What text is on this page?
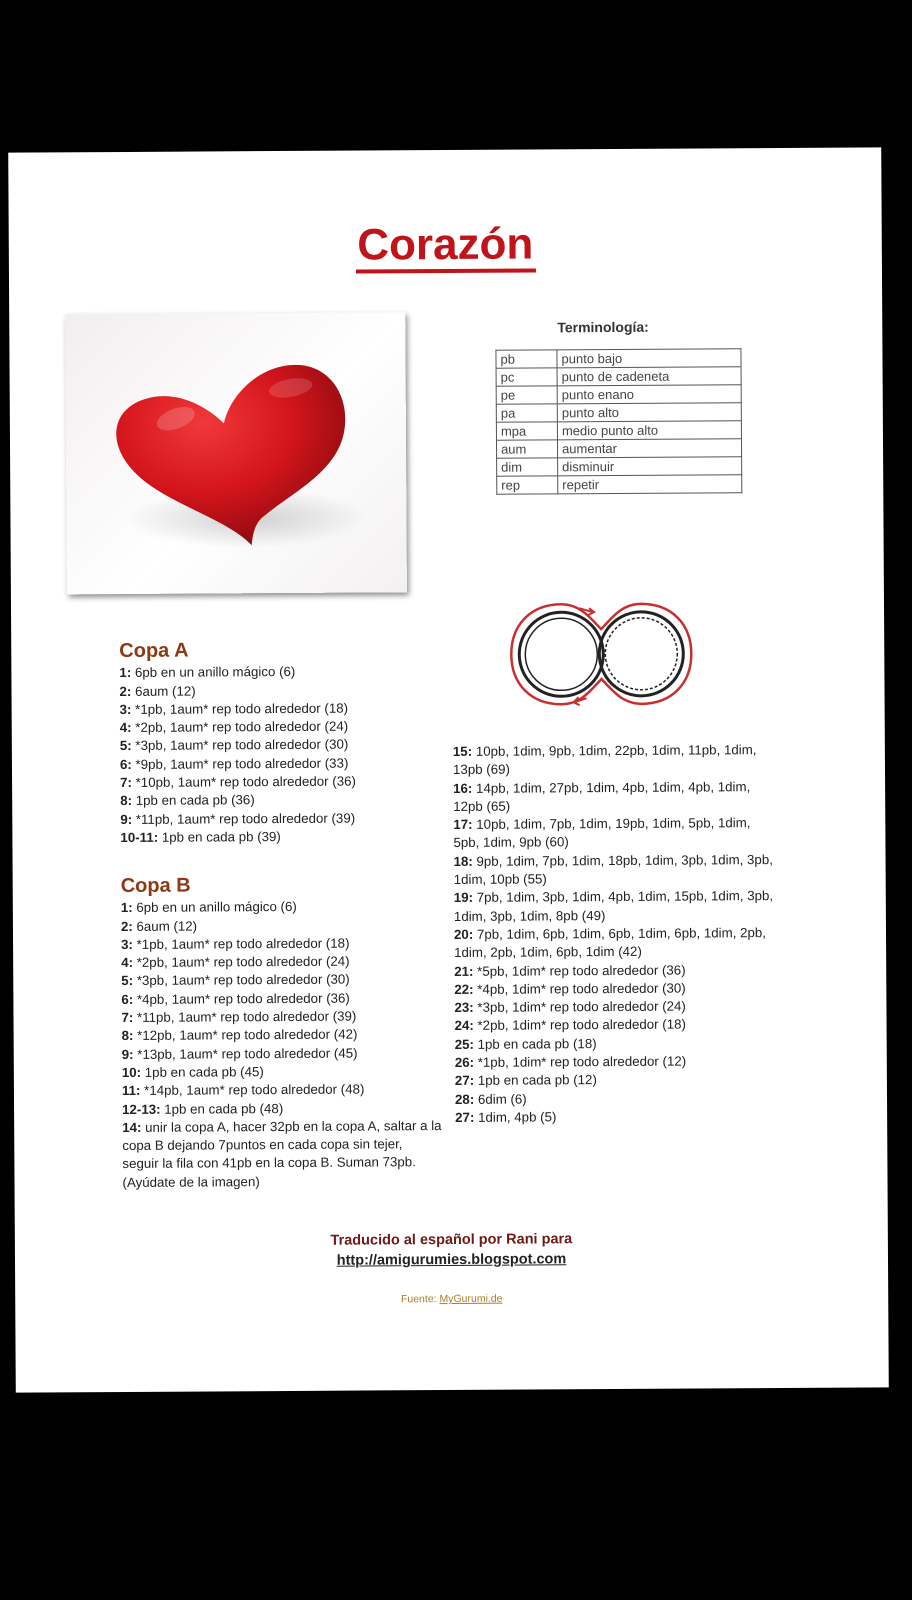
Corazón
Terminología:
pb	punto bajo
pc	punto de cadeneta
pe	punto enano
pa	punto alto
mpa	medio punto alto
aum	aumentar
dim	disminuir
rep	repetir
Copa A
1: 6pb en un anillo mágico (6)
2: 6aum (12)
3: *1pb, 1aum* rep todo alrededor (18)
4: *2pb, 1aum* rep todo alrededor (24)
5: *3pb, 1aum* rep todo alrededor (30)
6: *9pb, 1aum* rep todo alrededor (33)
7: *10pb, 1aum* rep todo alrededor (36)
8: 1pb en cada pb (36)
9: *11pb, 1aum* rep todo alrededor (39)
10-11: 1pb en cada pb (39)
Copa B
1: 6pb en un anillo mágico (6)
2: 6aum (12)
3: *1pb, 1aum* rep todo alrededor (18)
4: *2pb, 1aum* rep todo alrededor (24)
5: *3pb, 1aum* rep todo alrededor (30)
6: *4pb, 1aum* rep todo alrededor (36)
7: *11pb, 1aum* rep todo alrededor (39)
8: *12pb, 1aum* rep todo alrededor (42)
9: *13pb, 1aum* rep todo alrededor (45)
10: 1pb en cada pb (45)
11: *14pb, 1aum* rep todo alrededor (48)
12-13: 1pb en cada pb (48)
14: unir la copa A, hacer 32pb en la copa A, saltar a la copa B dejando 7puntos en cada copa sin tejer, seguir la fila con 41pb en la copa B. Suman 73pb. (Ayúdate de la imagen)
15: 10pb, 1dim, 9pb, 1dim, 22pb, 1dim, 11pb, 1dim, 13pb (69)
16: 14pb, 1dim, 27pb, 1dim, 4pb, 1dim, 4pb, 1dim, 12pb (65)
17: 10pb, 1dim, 7pb, 1dim, 19pb, 1dim, 5pb, 1dim, 5pb, 1dim, 9pb (60)
18: 9pb, 1dim, 7pb, 1dim, 18pb, 1dim, 3pb, 1dim, 3pb, 1dim, 10pb (55)
19: 7pb, 1dim, 3pb, 1dim, 4pb, 1dim, 15pb, 1dim, 3pb, 1dim, 3pb, 1dim, 8pb (49)
20: 7pb, 1dim, 6pb, 1dim, 6pb, 1dim, 6pb, 1dim, 2pb, 1dim, 2pb, 1dim, 6pb, 1dim (42)
21: *5pb, 1dim* rep todo alrededor (36)
22: *4pb, 1dim* rep todo alrededor (30)
23: *3pb, 1dim* rep todo alrededor (24)
24: *2pb, 1dim* rep todo alrededor (18)
25: 1pb en cada pb (18)
26: *1pb, 1dim* rep todo alrededor (12)
27: 1pb en cada pb (12)
28: 6dim (6)
27: 1dim, 4pb (5)
Traducido al español por Rani para
http://amigurumies.blogspot.com
Fuente: MyGurumi.de
